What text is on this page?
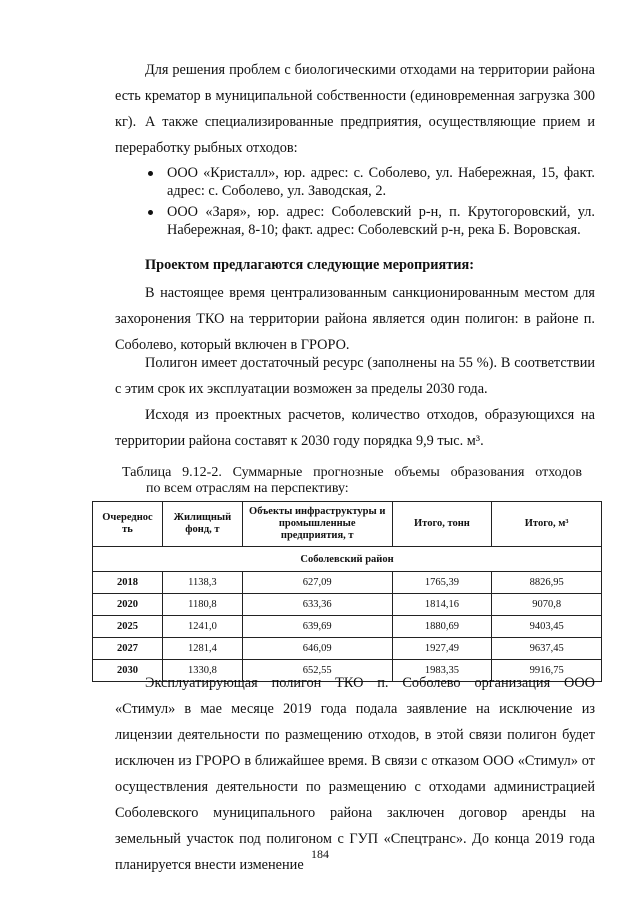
Для решения проблем с биологическими отходами на территории района есть крематор в муниципальной собственности (единовременная загрузка 300 кг). А также специализированные предприятия, осуществляющие прием и переработку рыбных отходов:

ООО «Кристалл», юр. адрес: с. Соболево, ул. Набережная, 15, факт. адрес: с. Соболево, ул. Заводская, 2.
ООО «Заря», юр. адрес: Соболевский р-н, п. Крутогоровский, ул. Набережная, 8-10; факт. адрес: Соболевский р-н, река Б. Воровская.

Проектом предлагаются следующие мероприятия:

В настоящее время централизованным санкционированным местом для захоронения ТКО на территории района является один полигон: в районе п. Соболево, который включен в ГРОРО.

Полигон имеет достаточный ресурс (заполнены на 55 %). В соответствии с этим срок их эксплуатации возможен за пределы 2030 года.

Исходя из проектных расчетов, количество отходов, образующихся на территории района составят к 2030 году порядка 9,9 тыс. м³.

Таблица 9.12-2. Суммарные прогнозные объемы образования отходов
по всем отраслям на перспективу:

Очереднос ть	Жилищный фонд, т	Объекты инфраструктуры и промышленные предприятия, т	Итого, тонн	Итого, м³
Соболевский район				
2018	1138,3	627,09	1765,39	8826,95
2020	1180,8	633,36	1814,16	9070,8
2025	1241,0	639,69	1880,69	9403,45
2027	1281,4	646,09	1927,49	9637,45
2030	1330,8	652,55	1983,35	9916,75

Эксплуатирующая полигон ТКО п. Соболево организация ООО «Стимул» в мае месяце 2019 года подала заявление на исключение из лицензии деятельности по размещению отходов, в этой связи полигон будет исключен из ГРОРО в ближайшее время. В связи с отказом ООО «Стимул» от осуществления деятельности по размещению с отходами администрацией Соболевского муниципального района заключен договор аренды на земельный участок под полигоном с ГУП «Спецтранс». До конца 2019 года планируется внести изменение

184
